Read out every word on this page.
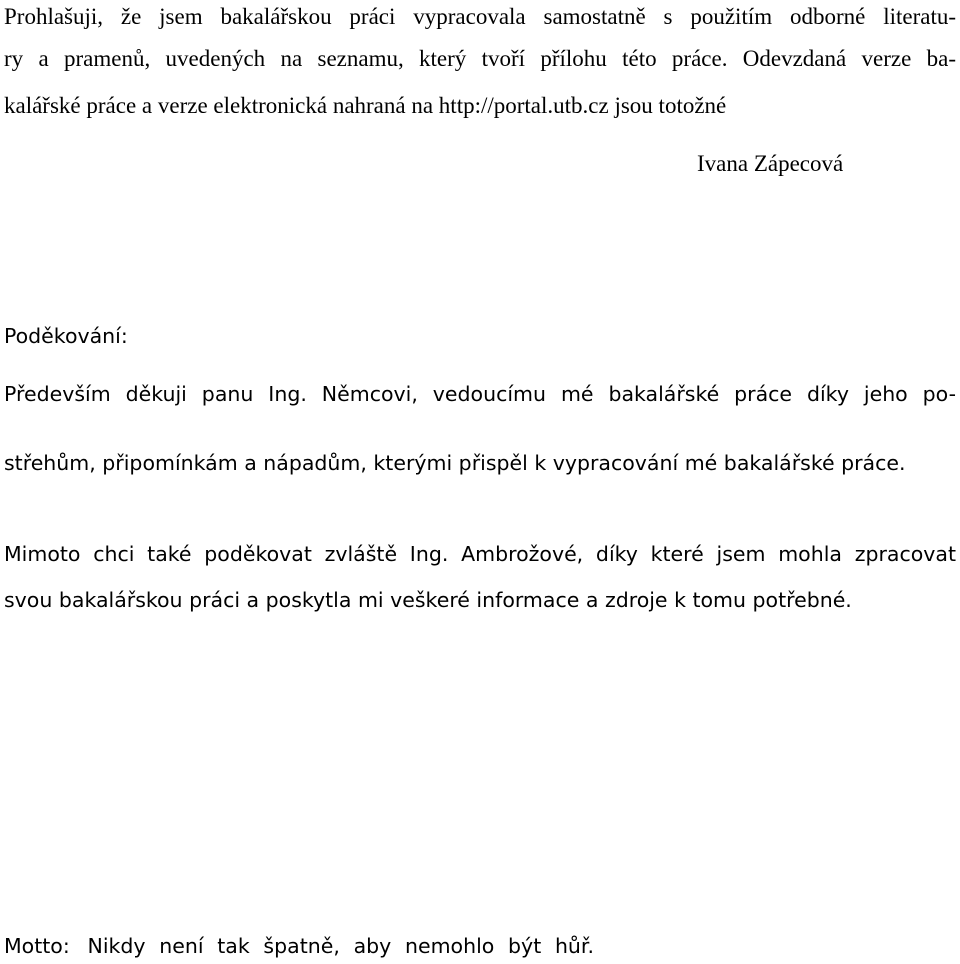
Prohlašuji, že jsem bakalářskou práci vypracovala samostatně s použitím odborné literatu-
ry a pramenů, uvedených na seznamu, který tvoří přílohu této práce. Odevzdaná verze ba-
kalářské práce a verze elektronická nahraná na http://portal.utb.cz jsou totožné
Ivana Zápecová
Poděkování:
Především děkuji panu Ing. Němcovi, vedoucímu mé bakalářské práce díky jeho po-
střehům, připomínkám a nápadům, kterými přispěl k vypracování mé bakalářské práce.
Mimoto chci také poděkovat zvláště Ing. Ambrožové, díky které jsem mohla zpracovat
svou bakalářskou práci a poskytla mi veškeré informace a zdroje k tomu potřebné.
Motto: Nikdy není tak špatně, aby nemohlo být hůř.
